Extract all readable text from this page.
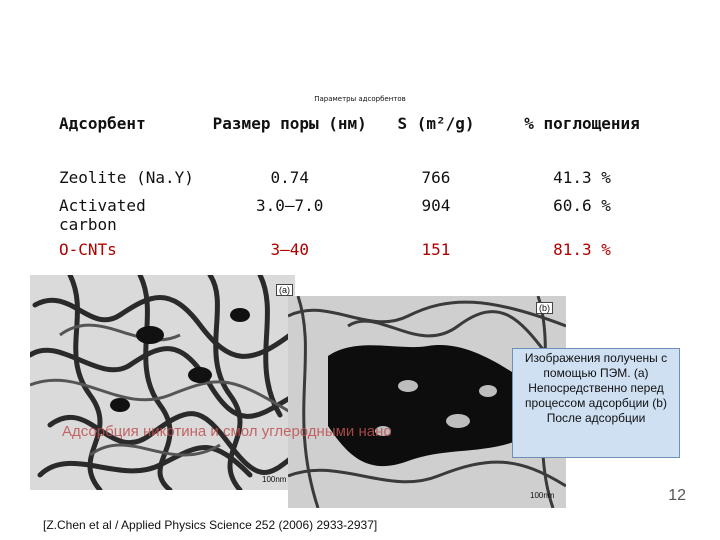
Параметры адсорбентов
Адсорбент	Размер поры (нм)	S (m²/g)	% поглощения
Zeolite (Na.Y)	0.74	766	41.3 %
Activated carbon	3.0–7.0	904	60.6 %
O-CNTs	3–40	151	81.3 %
(a)
100nm
(b)
100nm
Адсорбция никотина и смол углеродными нано
Изображения получены с помощью ПЭМ. (a) Непосредственно перед процессом адсорбции (b) После адсорбции
12
[Z.Chen et al / Applied Physics Science 252 (2006) 2933-2937]
